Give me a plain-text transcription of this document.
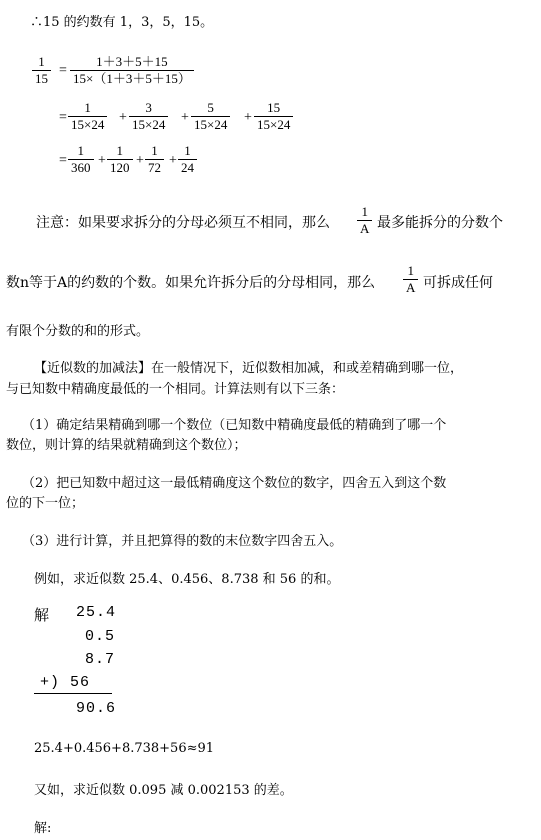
∴15 的约数有 1，3，5，15。
1
15
=
1＋3＋5＋15
15×（1＋3＋5＋15）
=
1
15×24 +
3
15×24 +
5
15×24 +
15
15×24
=
1
360 +
1
120 +
1
72 +
1
24
注意：如果要求拆分的分母必须互不相同，那么
1
A 最多能拆分的分数个
数n等于A的约数的个数。如果允许拆分后的分母相同，那么
1
A 可拆成任何
有限个分数的和的形式。
【近似数的加减法】在一般情况下，近似数相加减，和或差精确到哪一位，
与已知数中精确度最低的一个相同。计算法则有以下三条：
（1）确定结果精确到哪一个数位（已知数中精确度最低的精确到了哪一个
数位，则计算的结果就精确到这个数位）；
（2）把已知数中超过这一最低精确度这个数位的数字，四舍五入到这个数
位的下一位；
（3）进行计算，并且把算得的数的末位数字四舍五入。
例如，求近似数 25.4、0.456、8.738 和 56 的和。
解 25.4
0.5
8.7
+) 56
90.6
25.4+0.456+8.738+56≈91
又如，求近似数 0.095 减 0.002153 的差。
解:
